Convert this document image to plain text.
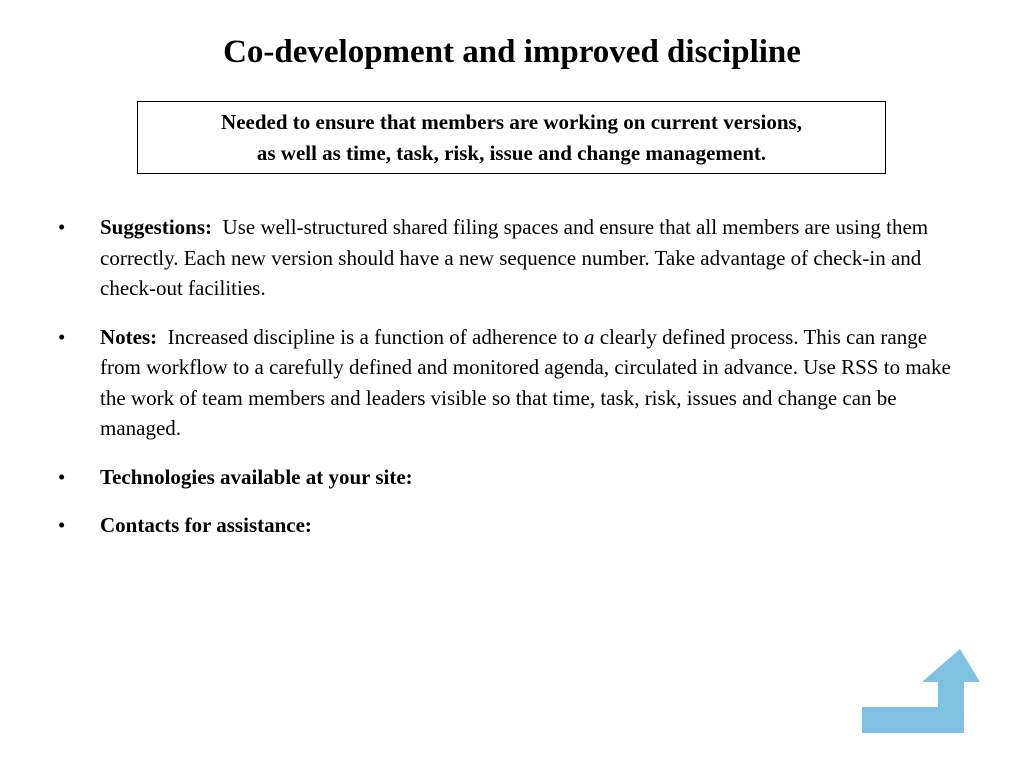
Co-development and improved discipline
Needed to ensure that members are working on current versions,
as well as time, task, risk, issue and change management.
•	Suggestions: Use well-structured shared filing spaces and ensure that all members are using them correctly. Each new version should have a new sequence number. Take advantage of check-in and check-out facilities.
•	Notes: Increased discipline is a function of adherence to a clearly defined process. This can range from workflow to a carefully defined and monitored agenda, circulated in advance. Use RSS to make the work of team members and leaders visible so that time, task, risk, issues and change can be managed.
•	Technologies available at your site:
•	Contacts for assistance:
